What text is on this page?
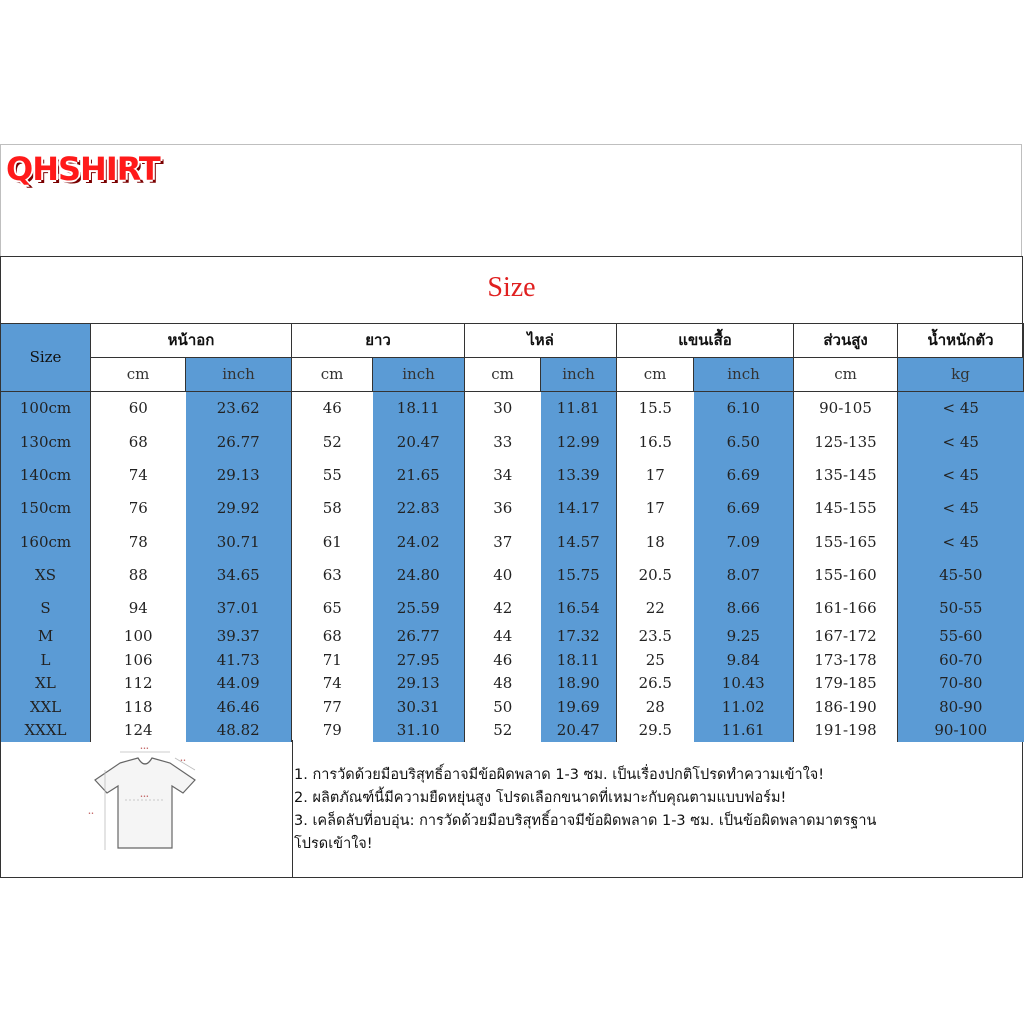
QHSHIRT
Size
Size	หน้าอก		ยาว		ไหล่		แขนเสื้อ		ส่วนสูง	น้ำหนักตัว
	cm	inch	cm	inch	cm	inch	cm	inch	cm	kg
100cm	60	23.62	46	18.11	30	11.81	15.5	6.10	90-105	< 45
130cm	68	26.77	52	20.47	33	12.99	16.5	6.50	125-135	< 45
140cm	74	29.13	55	21.65	34	13.39	17	6.69	135-145	< 45
150cm	76	29.92	58	22.83	36	14.17	17	6.69	145-155	< 45
160cm	78	30.71	61	24.02	37	14.57	18	7.09	155-165	< 45
XS	88	34.65	63	24.80	40	15.75	20.5	8.07	155-160	45-50
S	94	37.01	65	25.59	42	16.54	22	8.66	161-166	50-55
M	100	39.37	68	26.77	44	17.32	23.5	9.25	167-172	55-60
L	106	41.73	71	27.95	46	18.11	25	9.84	173-178	60-70
XL	112	44.09	74	29.13	48	18.90	26.5	10.43	179-185	70-80
XXL	118	46.46	77	30.31	50	19.69	28	11.02	186-190	80-90
XXXL	124	48.82	79	31.10	52	20.47	29.5	11.61	191-198	90-100
•••
••
•••
••
1. การวัดด้วยมือบริสุทธิ์อาจมีข้อผิดพลาด 1-3 ซม. เป็นเรื่องปกติโปรดทำความเข้าใจ!
2. ผลิตภัณฑ์นี้มีความยืดหยุ่นสูง โปรดเลือกขนาดที่เหมาะกับคุณตามแบบฟอร์ม!
3. เคล็ดลับที่อบอุ่น: การวัดด้วยมือบริสุทธิ์อาจมีข้อผิดพลาด 1-3 ซม. เป็นข้อผิดพลาดมาตรฐาน
โปรดเข้าใจ!
